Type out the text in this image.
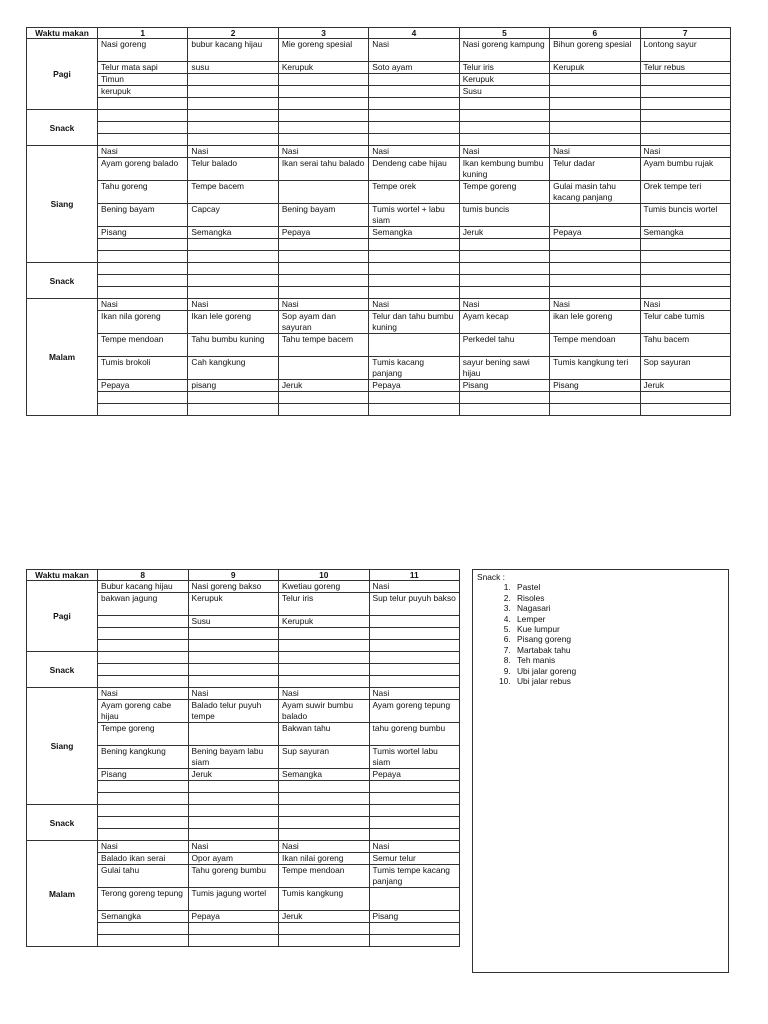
Waktu makan	1	2	3	4	5	6	7
Pagi	Nasi goreng	bubur kacang hijau	Mie goreng spesial	Nasi	Nasi goreng kampung	Bihun goreng spesial	Lontong sayur
	Telur mata sapi	susu	Kerupuk	Soto ayam	Telur iris	Kerupuk	Telur rebus
	Timun				Kerupuk		
	kerupuk				Susu		

Snack							

Siang	Nasi	Nasi	Nasi	Nasi	Nasi	Nasi	Nasi
	Ayam goreng balado	Telur balado	Ikan serai tahu balado	Dendeng cabe hijau	Ikan kembung bumbu kuning	Telur dadar	Ayam bumbu rujak
	Tahu goreng	Tempe bacem		Tempe orek	Tempe goreng	Gulai masin tahu kacang panjang	Orek tempe teri
	Bening bayam	Capcay	Bening bayam	Tumis wortel + labu siam	tumis buncis		Tumis buncis wortel
	Pisang	Semangka	Pepaya	Semangka	Jeruk	Pepaya	Semangka

Snack							

Malam	Nasi	Nasi	Nasi	Nasi	Nasi	Nasi	Nasi
	Ikan nila goreng	Ikan lele goreng	Sop ayam dan sayuran	Telur dan tahu bumbu kuning	Ayam kecap	ikan lele goreng	Telur cabe tumis
	Tempe mendoan	Tahu bumbu kuning	Tahu tempe bacem		Perkedel tahu	Tempe mendoan	Tahu bacem
	Tumis brokoli	Cah kangkung		Tumis kacang panjang	sayur bening sawi hijau	Tumis kangkung teri	Sop sayuran
	Pepaya	pisang	Jeruk	Pepaya	Pisang	Pisang	Jeruk

Waktu makan	8	9	10	11
Pagi	Bubur kacang hijau	Nasi goreng bakso	Kwetiau goreng	Nasi
	bakwan jagung	Kerupuk	Telur iris	Sup telur puyuh bakso
		Susu	Kerupuk	

Snack				

Siang	Nasi	Nasi	Nasi	Nasi
	Ayam goreng cabe hijau	Balado telur puyuh tempe	Ayam suwir bumbu balado	Ayam goreng tepung
	Tempe goreng		Bakwan tahu	tahu goreng bumbu
	Bening kangkung	Bening bayam labu siam	Sup sayuran	Tumis wortel labu siam
	Pisang	Jeruk	Semangka	Pepaya

Snack				

Malam	Nasi	Nasi	Nasi	Nasi
	Balado ikan serai	Opor ayam	Ikan nilai goreng	Semur telur
	Gulai tahu	Tahu goreng bumbu	Tempe mendoan	Tumis tempe kacang panjang
	Terong goreng tepung	Tumis jagung wortel	Tumis kangkung	
	Semangka	Pepaya	Jeruk	Pisang

Snack :
1. Pastel
2. Risoles
3. Nagasari
4. Lemper
5. Kue lumpur
6. Pisang goreng
7. Martabak tahu
8. Teh manis
9. Ubi jalar goreng
10. Ubi jalar rebus
